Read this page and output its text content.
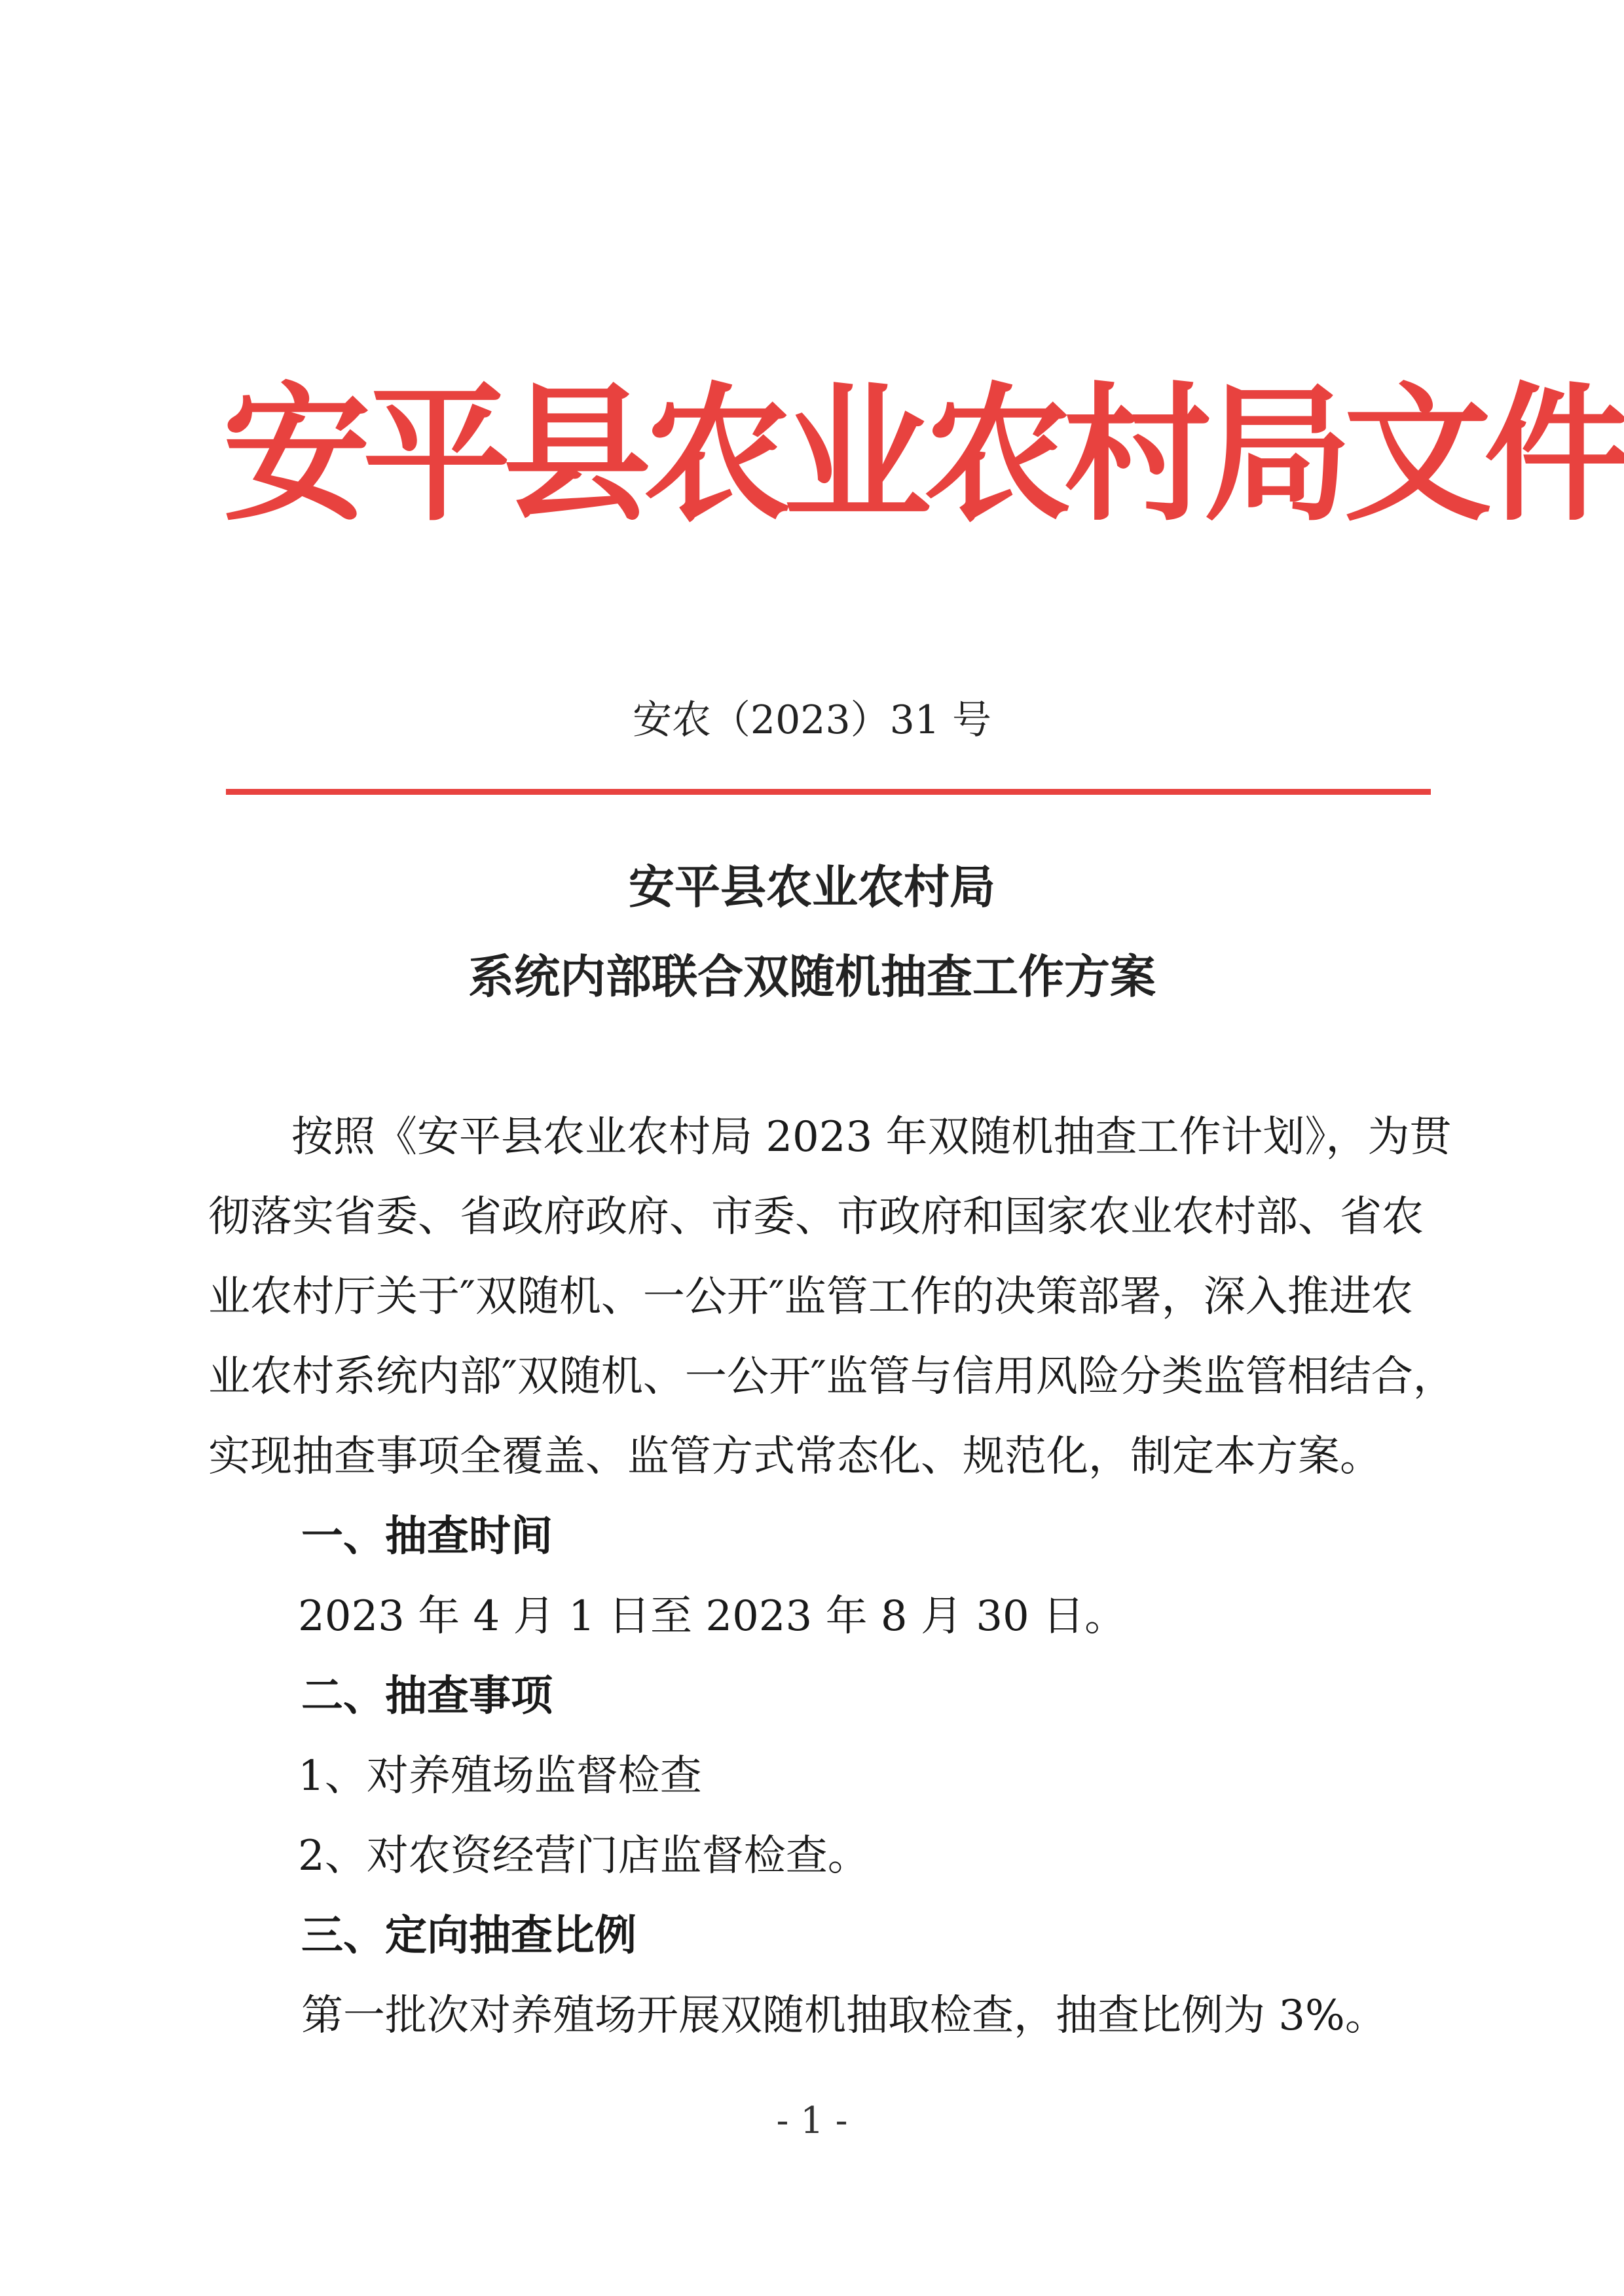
安平县农业农村局文件
安农（2023）31 号
安平县农业农村局
系统内部联合双随机抽查工作方案
按照《安平县农业农村局 2023 年双随机抽查工作计划》，为贯
彻落实省委、省政府政府、市委、市政府和国家农业农村部、省农
业农村厅关于″双随机、一公开″监管工作的决策部署，深入推进农
业农村系统内部″双随机、一公开″监管与信用风险分类监管相结合，
实现抽查事项全覆盖、监管方式常态化、规范化，制定本方案。
一、抽查时间
2023 年 4 月 1 日至 2023 年 8 月 30 日。
二、抽查事项
1、对养殖场监督检查
2、对农资经营门店监督检查。
三、定向抽查比例
第一批次对养殖场开展双随机抽取检查，抽查比例为 3%。
- 1 -
